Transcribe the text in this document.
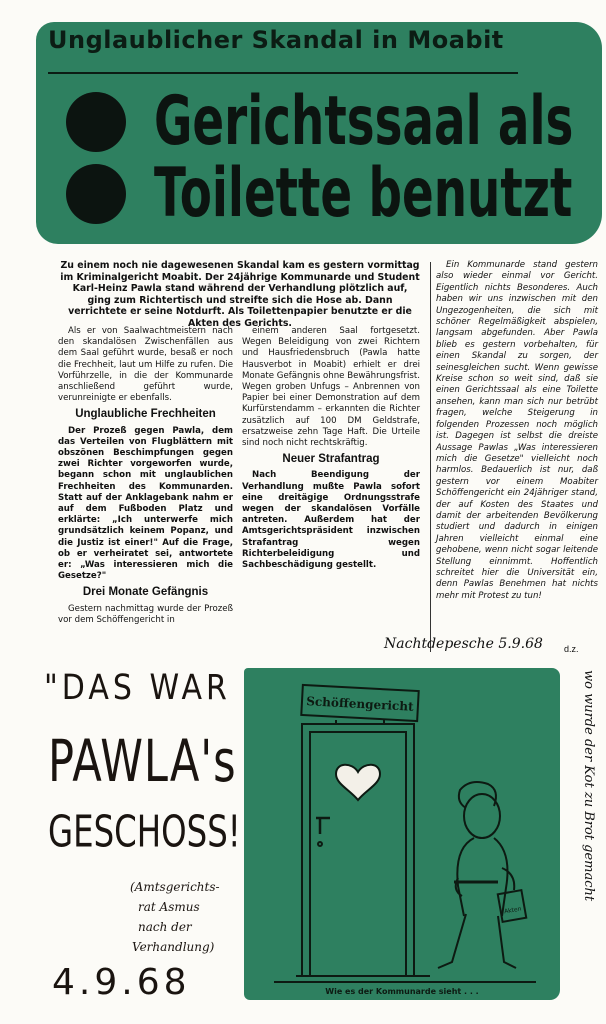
Unglaublicher Skandal in Moabit
Gerichtssaal als
Toilette benutzt
Zu einem noch nie dagewesenen Skandal kam es gestern vormittag im Kriminalgericht Moabit. Der 24jährige Kommunarde und Student Karl-Heinz Pawla stand während der Verhandlung plötzlich auf, ging zum Richtertisch und streifte sich die Hose ab. Dann verrichtete er seine Notdurft. Als Toilettenpapier benutzte er die Akten des Gerichts.

Als er von Saalwachtmeistern nach den skandalösen Zwischenfällen aus dem Saal geführt wurde, besaß er noch die Frechheit, laut um Hilfe zu rufen. Die Vorführzelle, in die der Kommunarde anschließend geführt wurde, verunreinigte er ebenfalls.

Unglaubliche Frechheiten

Der Prozeß gegen Pawla, dem das Verteilen von Flugblättern mit obszönen Beschimpfungen gegen zwei Richter vorgeworfen wurde, begann schon mit unglaublichen Frechheiten des Kommunarden. Statt auf der Anklagebank nahm er auf dem Fußboden Platz und erklärte: „Ich unterwerfe mich grundsätzlich keinem Popanz, und die Justiz ist einer!" Auf die Frage, ob er verheiratet sei, antwortete er: „Was interessieren mich die Gesetze?"

Drei Monate Gefängnis

Gestern nachmittag wurde der Prozeß vor dem Schöffengericht in

einem anderen Saal fortgesetzt. Wegen Beleidigung von zwei Richtern und Hausfriedensbruch (Pawla hatte Hausverbot in Moabit) erhielt er drei Monate Gefängnis ohne Bewährungsfrist. Wegen groben Unfugs – Anbrennen von Papier bei einer Demonstration auf dem Kurfürstendamm – erkannten die Richter zusätzlich auf 100 DM Geldstrafe, ersatzweise zehn Tage Haft. Die Urteile sind noch nicht rechtskräftig.

Neuer Strafantrag

Nach Beendigung der Verhandlung mußte Pawla sofort eine dreitägige Ordnungsstrafe wegen der skandalösen Vorfälle antreten. Außerdem hat der Amtsgerichtspräsident inzwischen Strafantrag wegen Richterbeleidigung und Sachbeschädigung gestellt.

Ein Kommunarde stand gestern also wieder einmal vor Gericht. Eigentlich nichts Besonderes. Auch haben wir uns inzwischen mit den Ungezogenheiten, die sich mit schöner Regelmäßigkeit abspielen, langsam abgefunden. Aber Pawla blieb es gestern vorbehalten, für einen Skandal zu sorgen, der seinesgleichen sucht. Wenn gewisse Kreise schon so weit sind, daß sie einen Gerichtssaal als eine Toilette ansehen, kann man sich nur betrübt fragen, welche Steigerung in folgenden Prozessen noch möglich ist. Dagegen ist selbst die dreiste Aussage Pawlas „Was interessieren mich die Gesetze" vielleicht noch harmlos. Bedauerlich ist nur, daß gestern vor einem Moabiter Schöffengericht ein 24jähriger stand, der auf Kosten des Staates und damit der arbeitenden Bevölkerung studiert und dadurch in einigen Jahren vielleicht einmal eine gehobene, wenn nicht sogar leitende Stellung einnimmt. Hoffentlich schreitet hier die Universität ein, denn Pawlas Benehmen hat nichts mehr mit Protest zu tun!

Nachtdepesche 5.9.68 d.z.
"DAS WAR
PAWLA's
GESCHOSS!
(Amtsgerichts-
rat Asmus
nach der
Verhandlung)
4.9.68
Schöffengericht
Akten
Wie es der Kommunarde sieht . . .
wo wurde der Kot zu Brot gemacht
